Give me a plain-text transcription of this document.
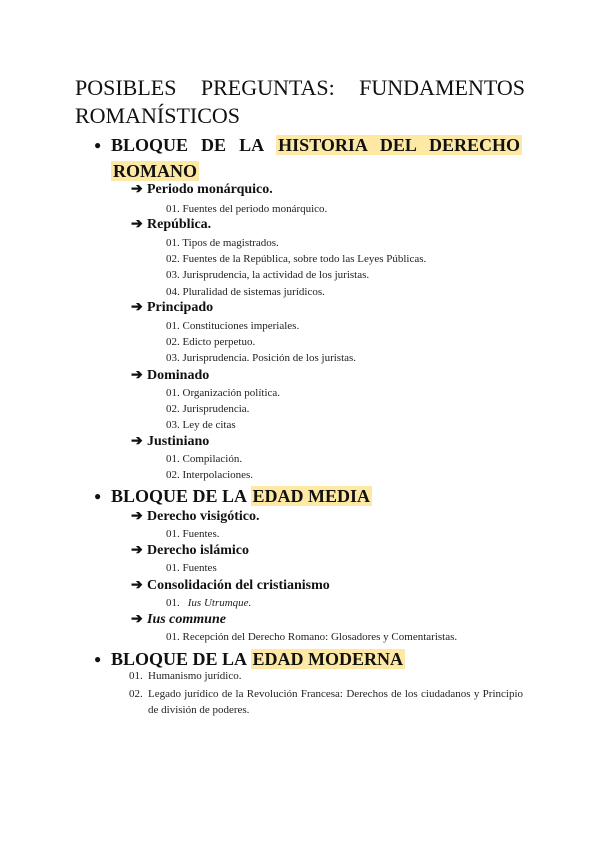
POSIBLES PREGUNTAS: FUNDAMENTOS
ROMANÍSTICOS
● BLOQUE DE LA HISTORIA DEL DERECHO
ROMANO
➔ Periodo monárquico.
01. Fuentes del periodo monárquico.
➔ República.
01. Tipos de magistrados.
02. Fuentes de la República, sobre todo las Leyes Públicas.
03. Jurisprudencia, la actividad de los juristas.
04. Pluralidad de sistemas jurídicos.
➔ Principado
01. Constituciones imperiales.
02. Edicto perpetuo.
03. Jurisprudencia. Posición de los juristas.
➔ Dominado
01. Organización política.
02. Jurisprudencia.
03. Ley de citas
➔ Justiniano
01. Compilación.
02. Interpolaciones.
● BLOQUE DE LA EDAD MEDIA
➔ Derecho visigótico.
01. Fuentes.
➔ Derecho islámico
01. Fuentes
➔ Consolidación del cristianismo
01. Ius Utrumque.
➔ Ius commune
01. Recepción del Derecho Romano: Glosadores y Comentaristas.
● BLOQUE DE LA EDAD MODERNA
01. Humanismo jurídico.
02. Legado jurídico de la Revolución Francesa: Derechos de los ciudadanos y Principio de división de poderes.
